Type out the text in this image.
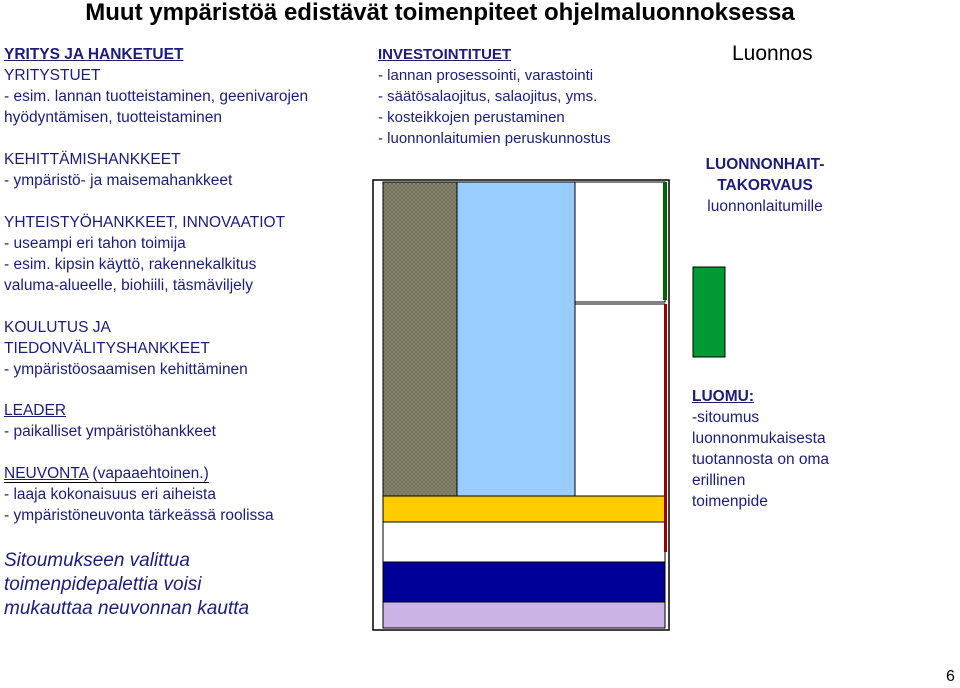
Muut ympäristöä edistävät toimenpiteet ohjelmaluonnoksessa
YRITYS JA HANKETUET
YRITYSTUET
- esim. lannan tuotteistaminen, geenivarojen
hyödyntämisen, tuotteistaminen
KEHITTÄMISHANKKEET
- ympäristö- ja maisemahankkeet
YHTEISTYÖHANKKEET, INNOVAATIOT
- useampi eri tahon toimija
- esim. kipsin käyttö, rakennekalkitus
valuma-alueelle, biohiili, täsmäviljely
KOULUTUS JA
TIEDONVÄLITYSHANKKEET
- ympäristöosaamisen kehittäminen
LEADER
- paikalliset ympäristöhankkeet
NEUVONTA (vapaaehtoinen.)
- laaja kokonaisuus eri aiheista
- ympäristöneuvonta tärkeässä roolissa
Sitoumukseen valittua
toimenpidepalettia voisi
mukauttaa neuvonnan kautta
INVESTOINTITUET
- lannan prosessointi, varastointi
- säätösalaojitus, salaojitus, yms.
- kosteikkojen perustaminen
- luonnonlaitumien peruskunnostus
Luonnos
LUONNONHAIT-
TAKORVAUS
luonnonlaitumille
LUOMU:
-sitoumus
luonnonmukaisesta
tuotannosta on oma
erillinen
toimenpide
6
